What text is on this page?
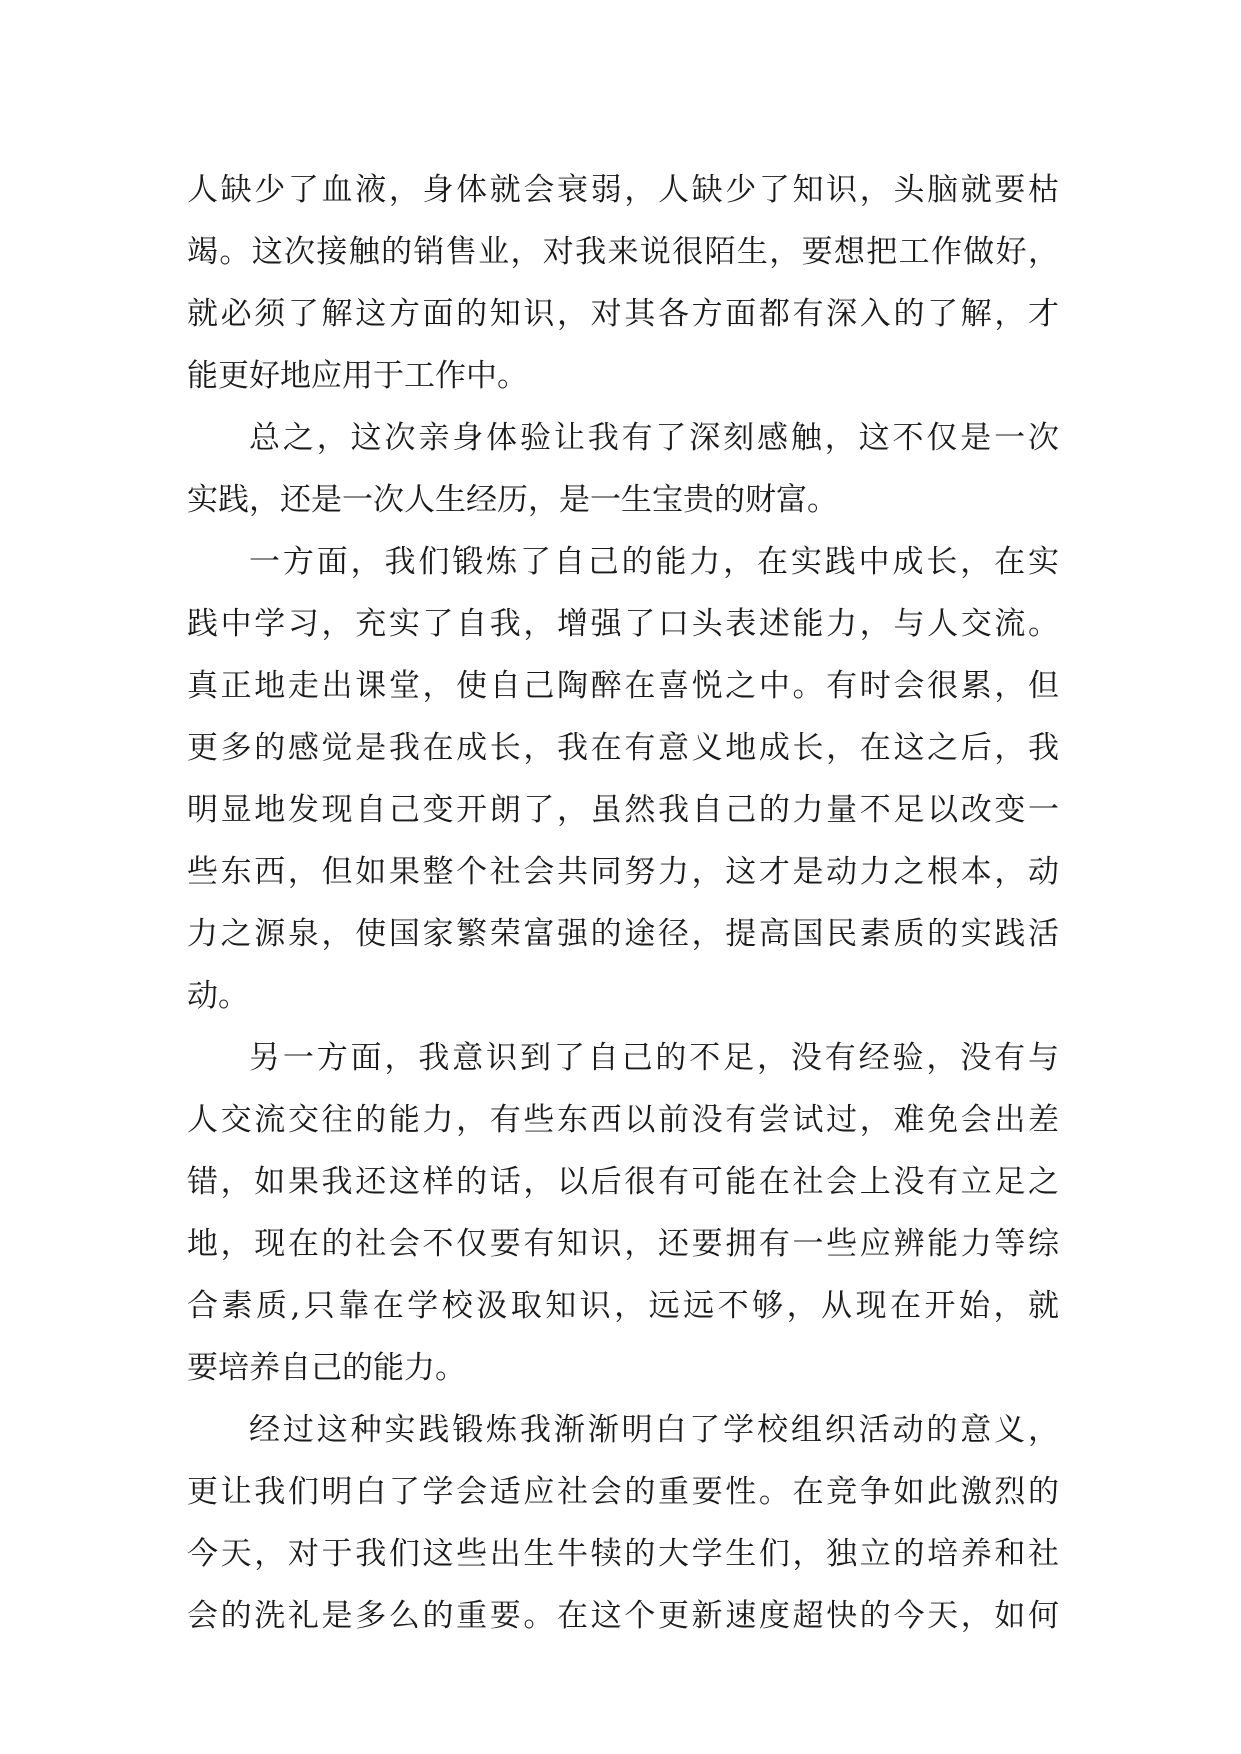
人缺少了血液，身体就会衰弱，人缺少了知识，头脑就要枯
竭。这次接触的销售业，对我来说很陌生，要想把工作做好，
就必须了解这方面的知识，对其各方面都有深入的了解，才
能更好地应用于工作中。
总之，这次亲身体验让我有了深刻感触，这不仅是一次
实践，还是一次人生经历，是一生宝贵的财富。
一方面，我们锻炼了自己的能力，在实践中成长，在实
践中学习，充实了自我，增强了口头表述能力，与人交流。
真正地走出课堂，使自己陶醉在喜悦之中。有时会很累，但
更多的感觉是我在成长，我在有意义地成长，在这之后，我
明显地发现自己变开朗了，虽然我自己的力量不足以改变一
些东西，但如果整个社会共同努力，这才是动力之根本，动
力之源泉，使国家繁荣富强的途径，提高国民素质的实践活
动。
另一方面，我意识到了自己的不足，没有经验，没有与
人交流交往的能力，有些东西以前没有尝试过，难免会出差
错，如果我还这样的话，以后很有可能在社会上没有立足之
地，现在的社会不仅要有知识，还要拥有一些应辨能力等综
合素质,只靠在学校汲取知识，远远不够，从现在开始，就
要培养自己的能力。
经过这种实践锻炼我渐渐明白了学校组织活动的意义，
更让我们明白了学会适应社会的重要性。在竞争如此激烈的
今天，对于我们这些出生牛犊的大学生们，独立的培养和社
会的洗礼是多么的重要。在这个更新速度超快的今天，如何
